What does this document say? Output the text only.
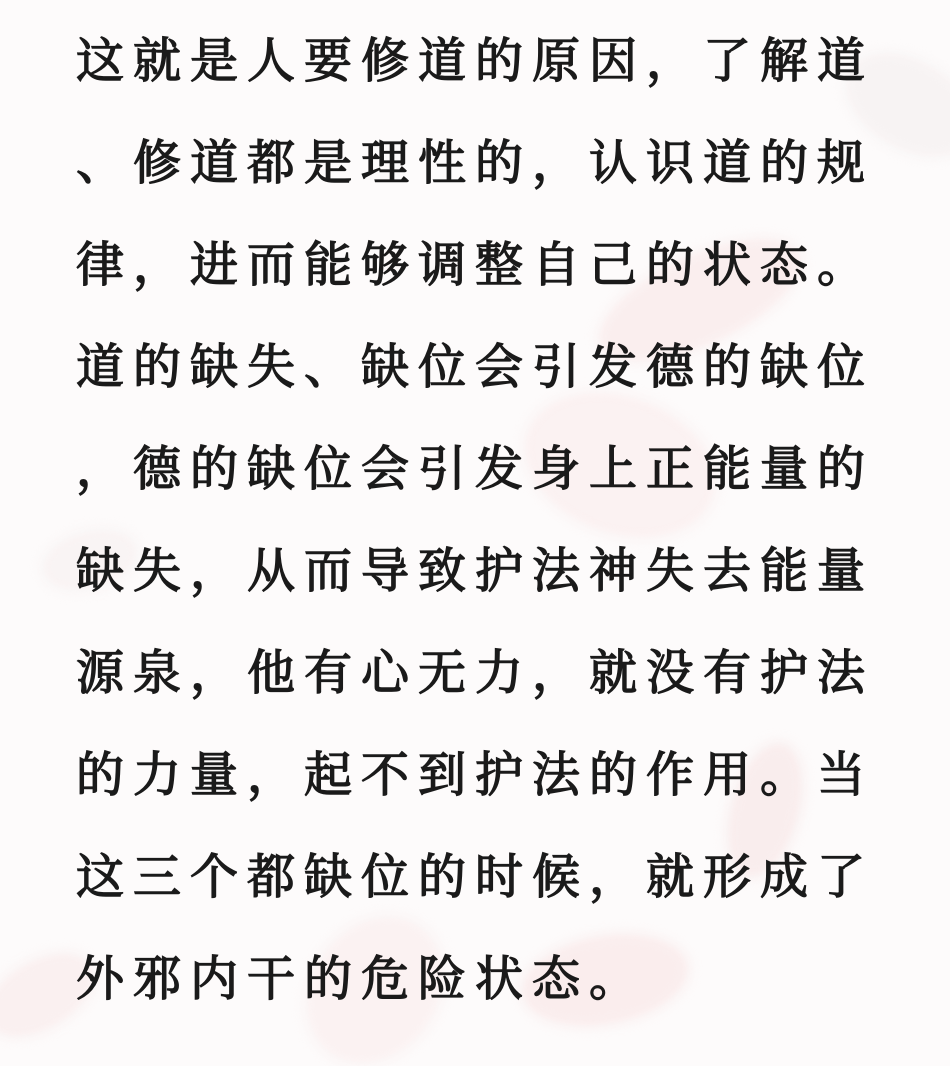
这就是人要修道的原因，了解道
、修道都是理性的，认识道的规
律，进而能够调整自己的状态。
道的缺失、缺位会引发德的缺位
，德的缺位会引发身上正能量的
缺失，从而导致护法神失去能量
源泉，他有心无力，就没有护法
的力量，起不到护法的作用。当
这三个都缺位的时候，就形成了
外邪内干的危险状态。
